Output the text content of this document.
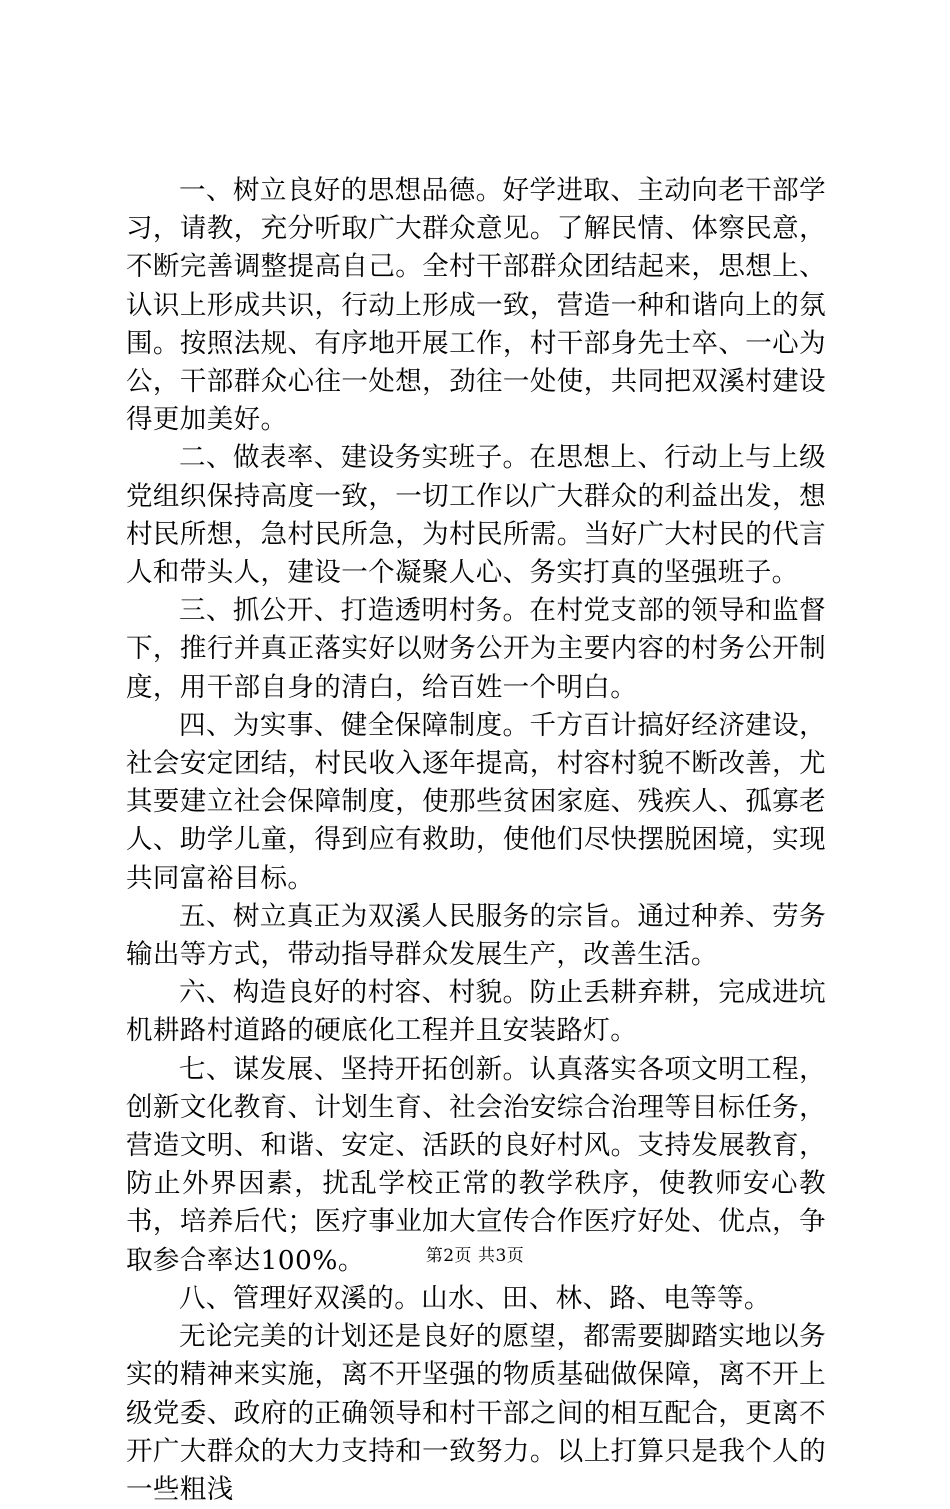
一、树立良好的思想品德。好学进取、主动向老干部学习，请教，充分听取广大群众意见。了解民情、体察民意，不断完善调整提高自己。全村干部群众团结起来，思想上、认识上形成共识，行动上形成一致，营造一种和谐向上的氛围。按照法规、有序地开展工作，村干部身先士卒、一心为公，干部群众心往一处想，劲往一处使，共同把双溪村建设得更加美好。

二、做表率、建设务实班子。在思想上、行动上与上级党组织保持高度一致，一切工作以广大群众的利益出发，想村民所想，急村民所急，为村民所需。当好广大村民的代言人和带头人，建设一个凝聚人心、务实打真的坚强班子。

三、抓公开、打造透明村务。在村党支部的领导和监督下，推行并真正落实好以财务公开为主要内容的村务公开制度，用干部自身的清白，给百姓一个明白。

四、为实事、健全保障制度。千方百计搞好经济建设，社会安定团结，村民收入逐年提高，村容村貌不断改善，尤其要建立社会保障制度，使那些贫困家庭、残疾人、孤寡老人、助学儿童，得到应有救助，使他们尽快摆脱困境，实现共同富裕目标。

五、树立真正为双溪人民服务的宗旨。通过种养、劳务输出等方式，带动指导群众发展生产，改善生活。

六、构造良好的村容、村貌。防止丢耕弃耕，完成进坑机耕路村道路的硬底化工程并且安装路灯。

七、谋发展、坚持开拓创新。认真落实各项文明工程，创新文化教育、计划生育、社会治安综合治理等目标任务，营造文明、和谐、安定、活跃的良好村风。支持发展教育，防止外界因素，扰乱学校正常的教学秩序，使教师安心教书，培养后代；医疗事业加大宣传合作医疗好处、优点，争取参合率达100%。

八、管理好双溪的。山水、田、林、路、电等等。

无论完美的计划还是良好的愿望，都需要脚踏实地以务实的精神来实施，离不开坚强的物质基础做保障，离不开上级党委、政府的正确领导和村干部之间的相互配合，更离不开广大群众的大力支持和一致努力。以上打算只是我个人的一些粗浅

第2页 共3页
